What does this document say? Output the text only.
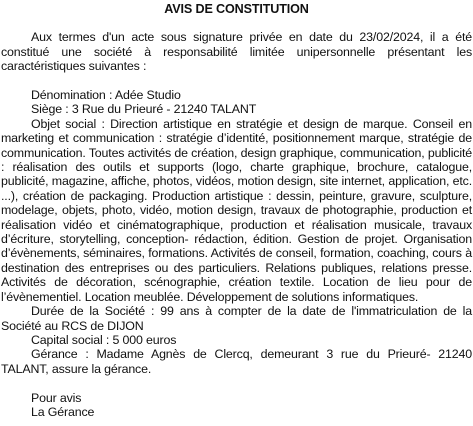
AVIS DE CONSTITUTION

Aux termes d'un acte sous signature privée en date du 23/02/2024, il a été constitué une société à responsabilité limitée unipersonnelle présentant les caractéristiques suivantes :

Dénomination : Adée Studio

Siège : 3 Rue du Prieuré - 21240 TALANT

Objet social : Direction artistique en stratégie et design de marque. Conseil en marketing et communication : stratégie d’identité, positionnement marque, stratégie de communication. Toutes activités de création, design graphique, communication, publicité : réalisation des outils et supports (logo, charte graphique, brochure, catalogue, publicité, magazine, affiche, photos, vidéos, motion design, site internet, application, etc. ...), création de packaging. Production artistique : dessin, peinture, gravure, sculpture, modelage, objets, photo, vidéo, motion design, travaux de photographie, production et réalisation vidéo et cinématographique, production et réalisation musicale, travaux d’écriture, storytelling, conception- rédaction, édition. Gestion de projet. Organisation d’évènements, séminaires, formations. Activités de conseil, formation, coaching, cours à destination des entreprises ou des particuliers. Relations publiques, relations presse. Activités de décoration, scénographie, création textile. Location de lieu pour de l’évènementiel. Location meublée. Développement de solutions informatiques.

Durée de la Société : 99 ans à compter de la date de l'immatriculation de la Société au RCS de DIJON

Capital social : 5 000 euros

Gérance : Madame Agnès de Clercq, demeurant 3 rue du Prieuré- 21240 TALANT, assure la gérance.

Pour avis

La Gérance
